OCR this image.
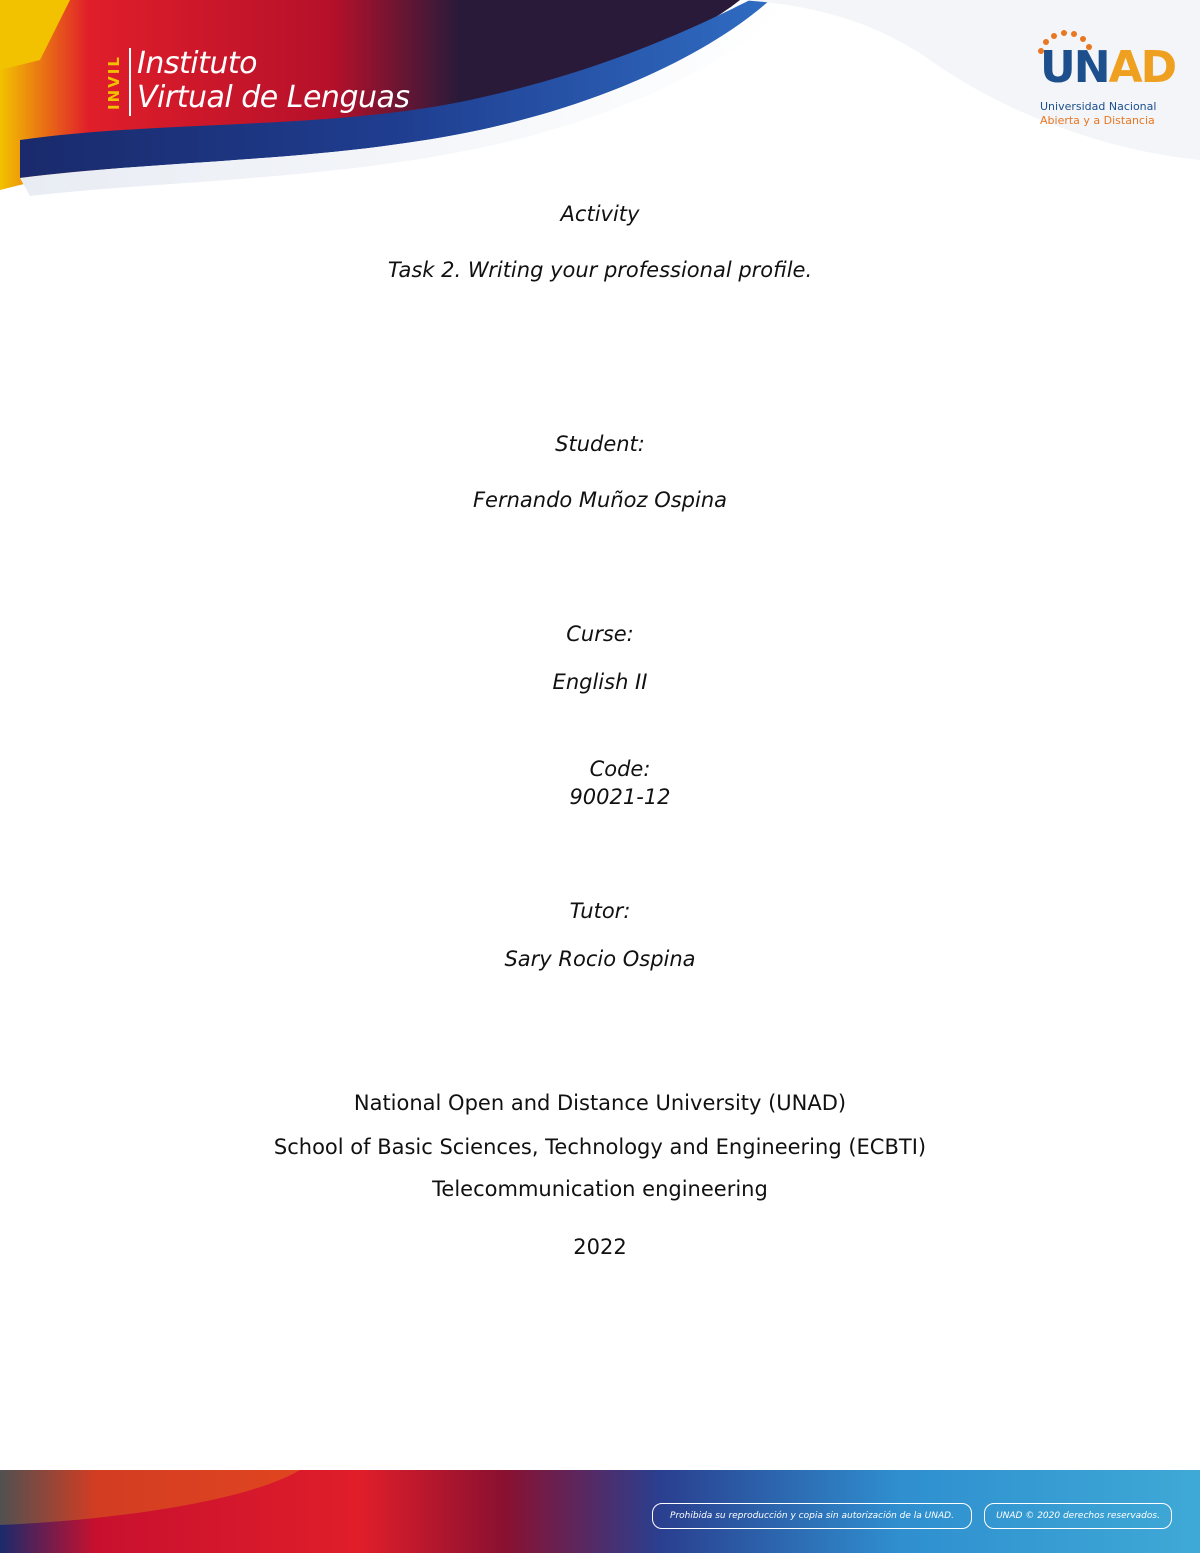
INVIL Instituto
Virtual de Lenguas
UNAD
Universidad Nacional
Abierta y a Distancia
Activity
Task 2. Writing your professional profile.
Student:
Fernando Muñoz Ospina
Curse:
English II
Code:
90021-12
Tutor:
Sary Rocio Ospina
National Open and Distance University (UNAD)
School of Basic Sciences, Technology and Engineering (ECBTI)
Telecommunication engineering
2022
Prohibida su reproducción y copia sin autorización de la UNAD.	UNAD © 2020 derechos reservados.
